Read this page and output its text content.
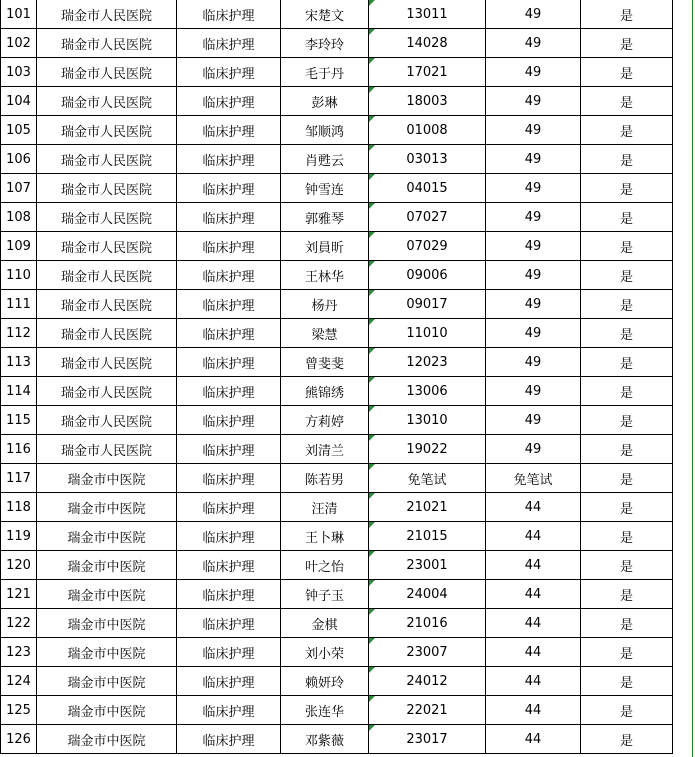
101	瑞金市人民医院	临床护理	宋楚文	13011	49	是
102	瑞金市人民医院	临床护理	李玲玲	14028	49	是
103	瑞金市人民医院	临床护理	毛于丹	17021	49	是
104	瑞金市人民医院	临床护理	彭琳	18003	49	是
105	瑞金市人民医院	临床护理	邹顺鸿	01008	49	是
106	瑞金市人民医院	临床护理	肖甦云	03013	49	是
107	瑞金市人民医院	临床护理	钟雪连	04015	49	是
108	瑞金市人民医院	临床护理	郭雅琴	07027	49	是
109	瑞金市人民医院	临床护理	刘員昕	07029	49	是
110	瑞金市人民医院	临床护理	王林华	09006	49	是
111	瑞金市人民医院	临床护理	杨丹	09017	49	是
112	瑞金市人民医院	临床护理	梁慧	11010	49	是
113	瑞金市人民医院	临床护理	曾斐斐	12023	49	是
114	瑞金市人民医院	临床护理	熊锦绣	13006	49	是
115	瑞金市人民医院	临床护理	方莉婷	13010	49	是
116	瑞金市人民医院	临床护理	刘清兰	19022	49	是
117	瑞金市中医院	临床护理	陈若男	免笔试	免笔试	是
118	瑞金市中医院	临床护理	汪清	21021	44	是
119	瑞金市中医院	临床护理	王卜琳	21015	44	是
120	瑞金市中医院	临床护理	叶之怡	23001	44	是
121	瑞金市中医院	临床护理	钟子玉	24004	44	是
122	瑞金市中医院	临床护理	金棋	21016	44	是
123	瑞金市中医院	临床护理	刘小荣	23007	44	是
124	瑞金市中医院	临床护理	赖妍玲	24012	44	是
125	瑞金市中医院	临床护理	张连华	22021	44	是
126	瑞金市中医院	临床护理	邓紫薇	23017	44	是
